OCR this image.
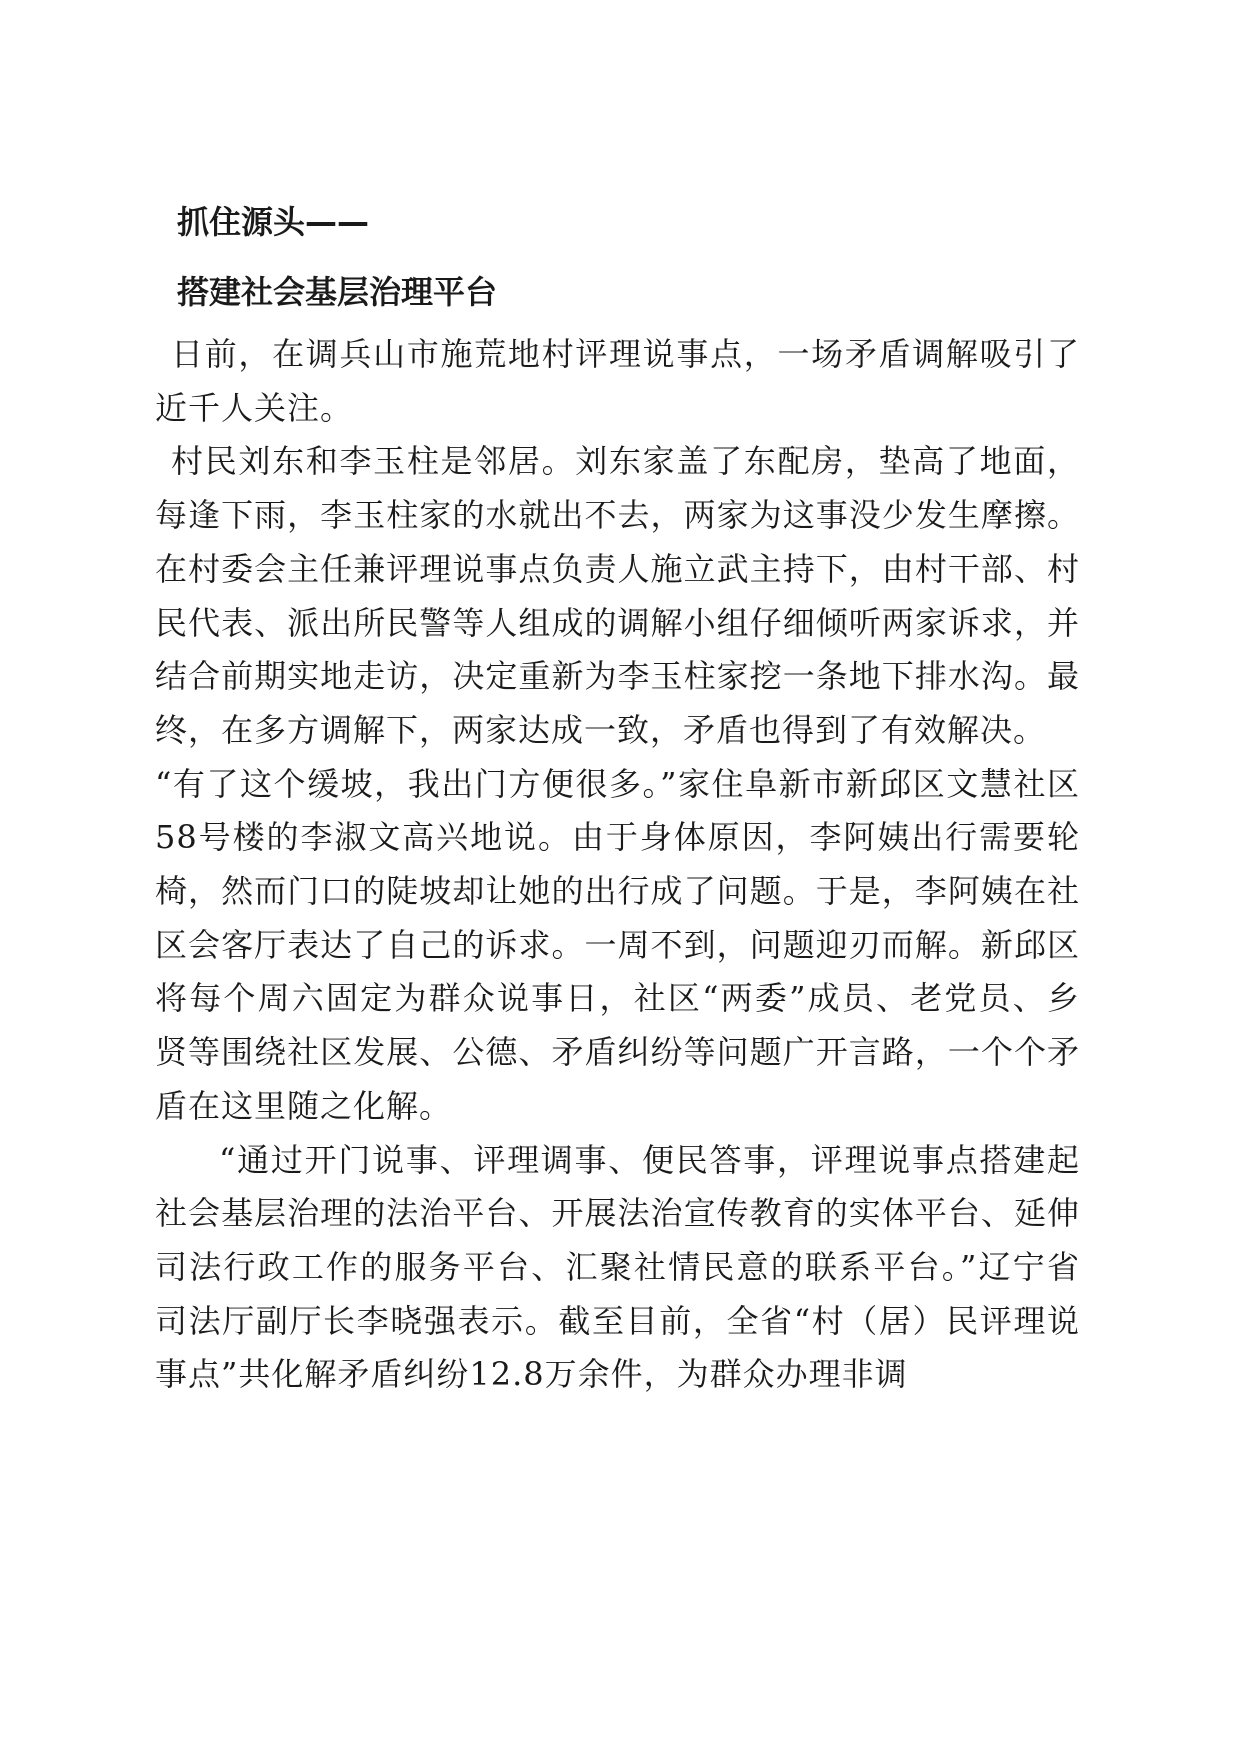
抓住源头——
搭建社会基层治理平台

日前，在调兵山市施荒地村评理说事点，一场矛盾调解吸引了近千人关注。

村民刘东和李玉柱是邻居。刘东家盖了东配房，垫高了地面，每逢下雨，李玉柱家的水就出不去，两家为这事没少发生摩擦。在村委会主任兼评理说事点负责人施立武主持下，由村干部、村民代表、派出所民警等人组成的调解小组仔细倾听两家诉求，并结合前期实地走访，决定重新为李玉柱家挖一条地下排水沟。最终，在多方调解下，两家达成一致，矛盾也得到了有效解决。

“有了这个缓坡，我出门方便很多。”家住阜新市新邱区文慧社区58号楼的李淑文高兴地说。由于身体原因，李阿姨出行需要轮椅，然而门口的陡坡却让她的出行成了问题。于是，李阿姨在社区会客厅表达了自己的诉求。一周不到，问题迎刃而解。新邱区将每个周六固定为群众说事日，社区“两委”成员、老党员、乡贤等围绕社区发展、公德、矛盾纠纷等问题广开言路，一个个矛盾在这里随之化解。

“通过开门说事、评理调事、便民答事，评理说事点搭建起社会基层治理的法治平台、开展法治宣传教育的实体平台、延伸司法行政工作的服务平台、汇聚社情民意的联系平台。”辽宁省司法厅副厅长李晓强表示。截至目前，全省“村（居）民评理说事点”共化解矛盾纠纷12.8万余件，为群众办理非调
